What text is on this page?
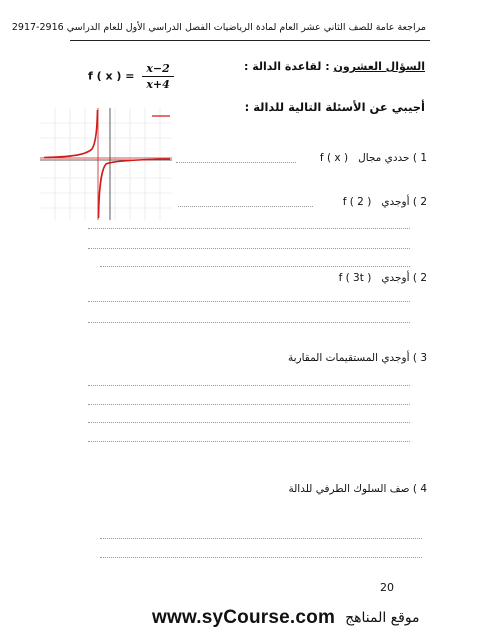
مراجعة عامة للصف الثاني عشر العام لمادة الرياضيات الفصل الدراسي الأول للعام الدراسي 2916-2917
السؤال العشرون : لقاعدة الدالة :
f ( x ) = $\frac{x-2}{x+4}$
أجيبي عن الأسئلة التالية للدالة :
1 ) حددي مجال   f ( x )
2 ) أوجدي   f ( 2 )
2 ) أوجدي   f ( 3t )
3 ) أوجدي المستقيمات المقاربة
4 ) صف السلوك الطرفي للدالة
20
www.syCourse.com موقع المناهج
